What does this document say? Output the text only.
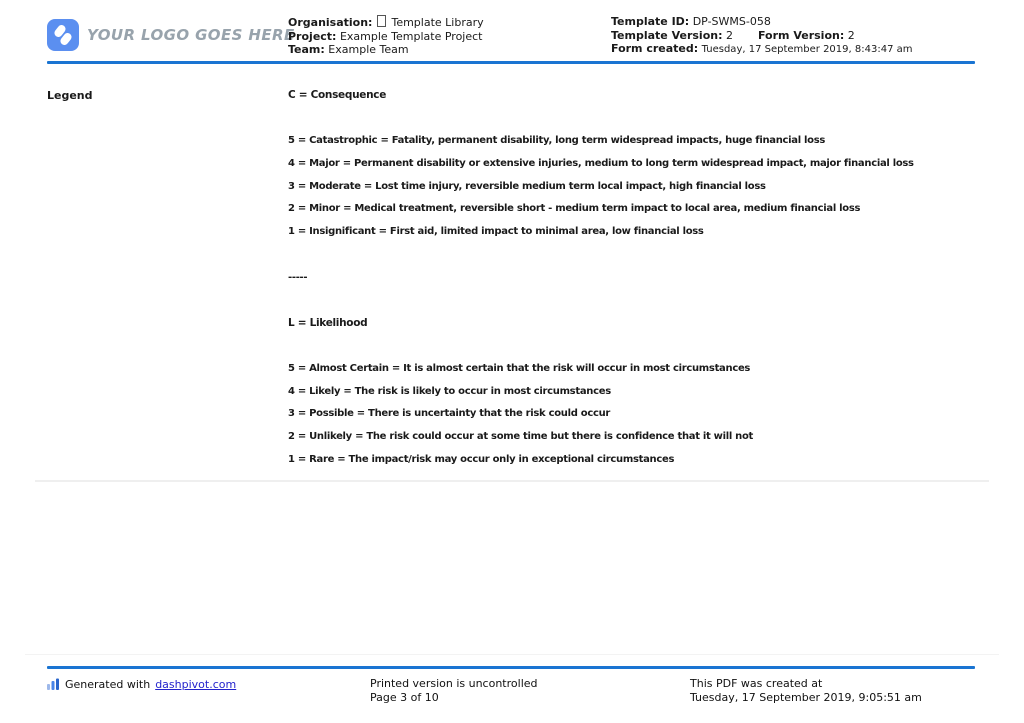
YOUR LOGO GOES HERE
Organisation: Template Library
Project: Example Template Project
Team: Example Team
Template ID: DP-SWMS-058
Template Version: 2 Form Version: 2
Form created: Tuesday, 17 September 2019, 8:43:47 am
Legend	C = Consequence
5 = Catastrophic = Fatality, permanent disability, long term widespread impacts, huge financial loss
4 = Major = Permanent disability or extensive injuries, medium to long term widespread impact, major financial loss
3 = Moderate = Lost time injury, reversible medium term local impact, high financial loss
2 = Minor = Medical treatment, reversible short - medium term impact to local area, medium financial loss
1 = Insignificant = First aid, limited impact to minimal area, low financial loss
-----
L = Likelihood
5 = Almost Certain = It is almost certain that the risk will occur in most circumstances
4 = Likely = The risk is likely to occur in most circumstances
3 = Possible = There is uncertainty that the risk could occur
2 = Unlikely = The risk could occur at some time but there is confidence that it will not
1 = Rare = The impact/risk may occur only in exceptional circumstances
Generated with dashpivot.com	Printed version is uncontrolled
Page 3 of 10
This PDF was created at
Tuesday, 17 September 2019, 9:05:51 am
